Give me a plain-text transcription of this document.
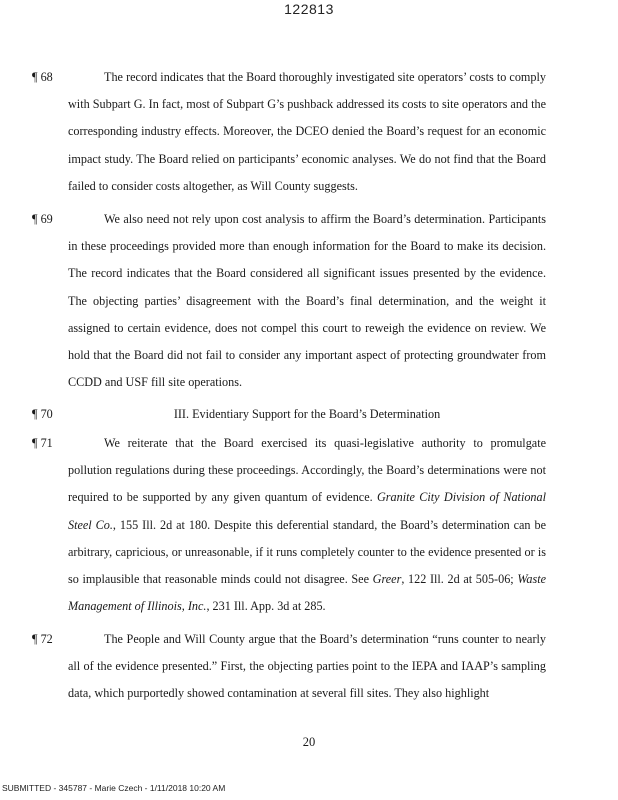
122813
¶ 68	The record indicates that the Board thoroughly investigated site operators’ costs to comply with Subpart G. In fact, most of Subpart G’s pushback addressed its costs to site operators and the corresponding industry effects. Moreover, the DCEO denied the Board’s request for an economic impact study. The Board relied on participants’ economic analyses. We do not find that the Board failed to consider costs altogether, as Will County suggests.
¶ 69	We also need not rely upon cost analysis to affirm the Board’s determination. Participants in these proceedings provided more than enough information for the Board to make its decision. The record indicates that the Board considered all significant issues presented by the evidence. The objecting parties’ disagreement with the Board’s final determination, and the weight it assigned to certain evidence, does not compel this court to reweigh the evidence on review. We hold that the Board did not fail to consider any important aspect of protecting groundwater from CCDD and USF fill site operations.
¶ 70	III. Evidentiary Support for the Board’s Determination
¶ 71	We reiterate that the Board exercised its quasi-legislative authority to promulgate pollution regulations during these proceedings. Accordingly, the Board’s determinations were not required to be supported by any given quantum of evidence. Granite City Division of National Steel Co., 155 Ill. 2d at 180. Despite this deferential standard, the Board’s determination can be arbitrary, capricious, or unreasonable, if it runs completely counter to the evidence presented or is so implausible that reasonable minds could not disagree. See Greer, 122 Ill. 2d at 505-06; Waste Management of Illinois, Inc., 231 Ill. App. 3d at 285.
¶ 72	The People and Will County argue that the Board’s determination “runs counter to nearly all of the evidence presented.” First, the objecting parties point to the IEPA and IAAP’s sampling data, which purportedly showed contamination at several fill sites. They also highlight
20
SUBMITTED - 345787 - Marie Czech - 1/11/2018 10:20 AM
